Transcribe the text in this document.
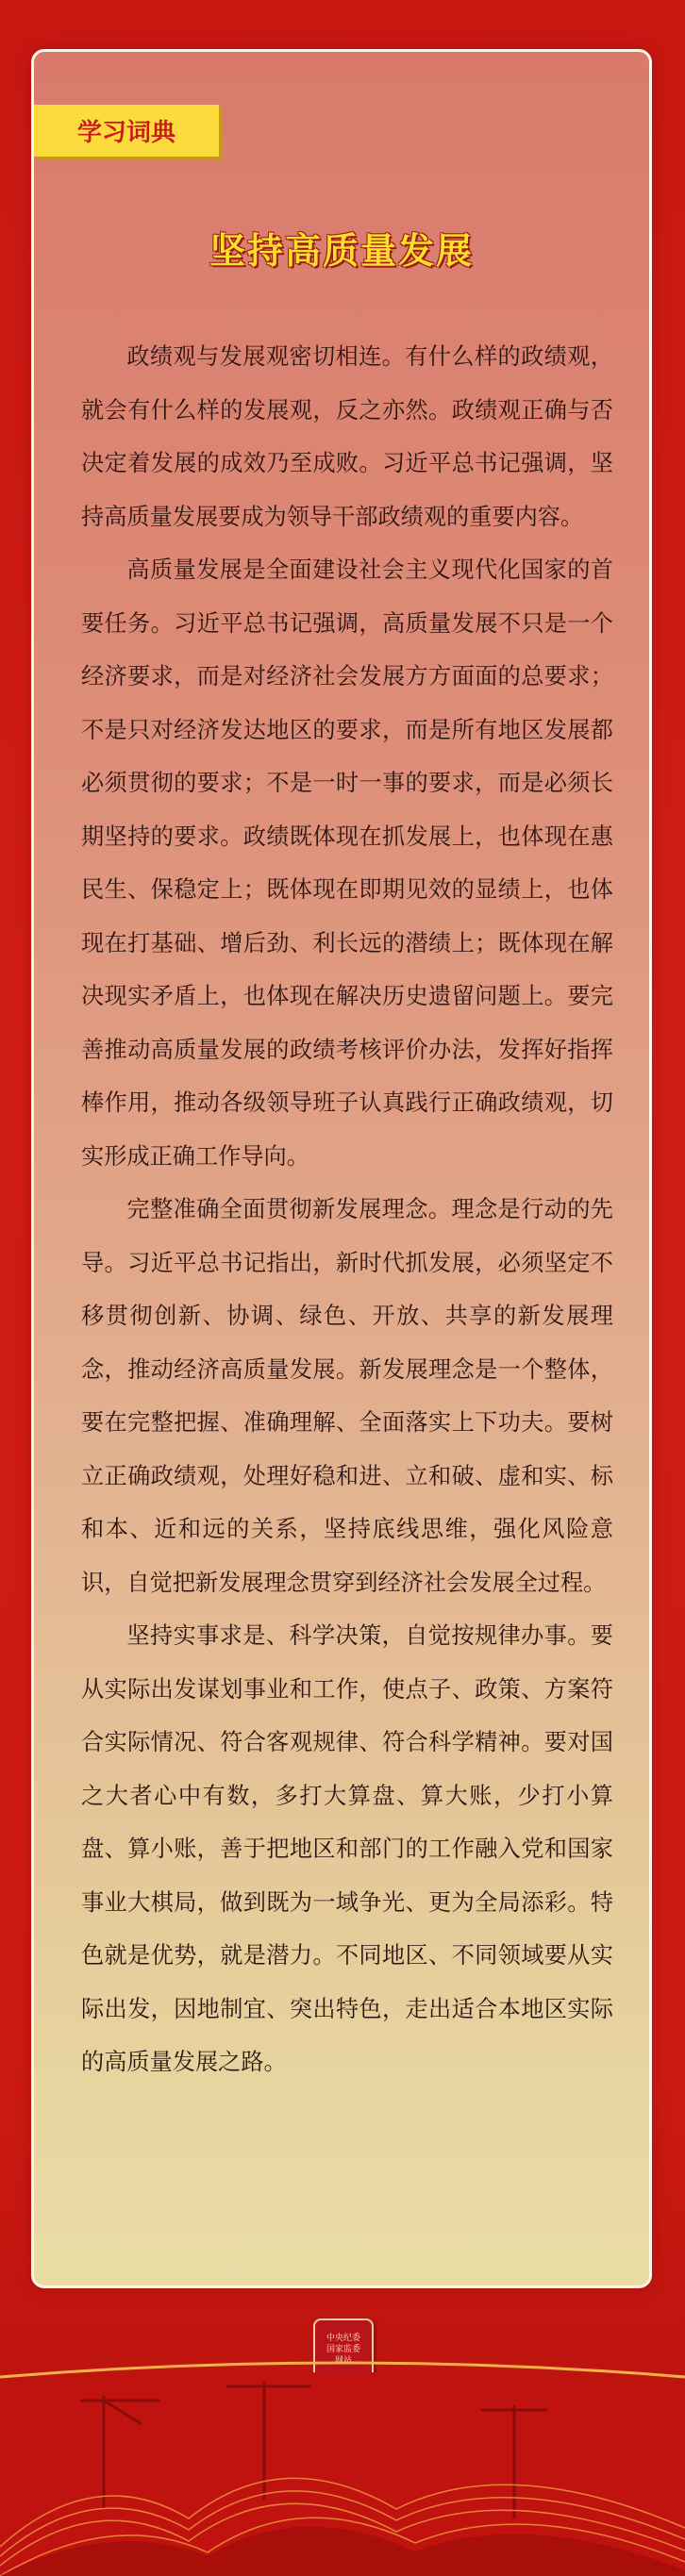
学习词典
坚持高质量发展

政绩观与发展观密切相连。有什么样的政绩观，就会有什么样的发展观，反之亦然。政绩观正确与否决定着发展的成效乃至成败。习近平总书记强调，坚持高质量发展要成为领导干部政绩观的重要内容。

高质量发展是全面建设社会主义现代化国家的首要任务。习近平总书记强调，高质量发展不只是一个经济要求，而是对经济社会发展方方面面的总要求；不是只对经济发达地区的要求，而是所有地区发展都必须贯彻的要求；不是一时一事的要求，而是必须长期坚持的要求。政绩既体现在抓发展上，也体现在惠民生、保稳定上；既体现在即期见效的显绩上，也体现在打基础、增后劲、利长远的潜绩上；既体现在解决现实矛盾上，也体现在解决历史遗留问题上。要完善推动高质量发展的政绩考核评价办法，发挥好指挥棒作用，推动各级领导班子认真践行正确政绩观，切实形成正确工作导向。

完整准确全面贯彻新发展理念。理念是行动的先导。习近平总书记指出，新时代抓发展，必须坚定不移贯彻创新、协调、绿色、开放、共享的新发展理念，推动经济高质量发展。新发展理念是一个整体，要在完整把握、准确理解、全面落实上下功夫。要树立正确政绩观，处理好稳和进、立和破、虚和实、标和本、近和远的关系，坚持底线思维，强化风险意识，自觉把新发展理念贯穿到经济社会发展全过程。

坚持实事求是、科学决策，自觉按规律办事。要从实际出发谋划事业和工作，使点子、政策、方案符合实际情况、符合客观规律、符合科学精神。要对国之大者心中有数，多打大算盘、算大账，少打小算盘、算小账，善于把地区和部门的工作融入党和国家事业大棋局，做到既为一域争光、更为全局添彩。特色就是优势，就是潜力。不同地区、不同领域要从实际出发，因地制宜、突出特色，走出适合本地区实际的高质量发展之路。

中央纪委
国家监委
网站
